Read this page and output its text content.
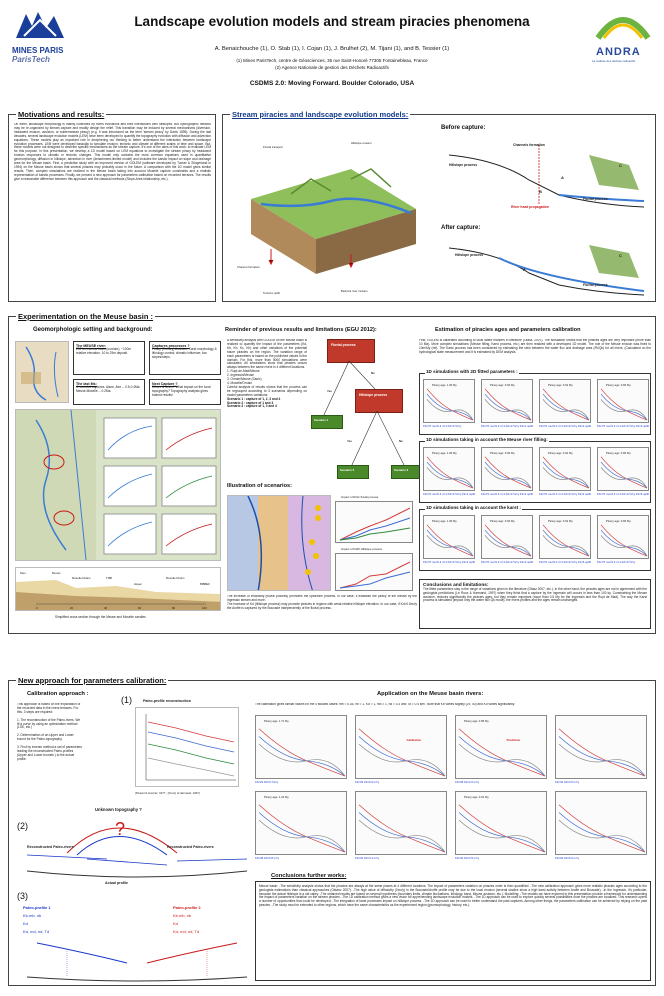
MINES PARIS
ParisTech
Landscape evolution models and stream piracies phenomena
A. Benaichouche (1), O. Stab (1), I. Cojan (1), J. Brulhet (2), M. Tijani (1), and B. Tessier (1)
(1) Mines ParisTech, centre de Géosciences, 35 rue Saint-Honoré 77305 Fontainebleau, France
(2) Agence Nationale de gestion des Déchets Radioactifs
CSDMS 2.0: Moving Forward. Boulder Colorado, USA
ANDRA
La maîtrise des déchets radioactifs
On earth, landscape morphology is mainly controlled by rivers evolutions and their interactions with hillslopes. But hydrographic network may be re-organized by stream capture and readily design the relief. This transition may be induced by several mechanisms (diversion, headward erosion, avulsion, or subterranean piracy) (e.g. It was introduced as the term 'stream piracy' by Davis 1895). During the last decades, several landscape evolution models (LEM) have been developed to quantify the topography evolution with diffusion and advection equations. These models play an important role in deciphering our thinking to better understand the interaction between landscape evolution processes. LEM were developed basically to simulate erosion, tectonic and climate at different scales of time and space. But, these models were not designed to describe specific mechanisms as the stream capture. It's one of the aims of this work: to evaluate LEM for this purpose. In this presentation, we develop a 1D model based on LEM equations to investigate the stream piracy by headward erosion responses to climatic or tectonic changes. This model only contains the most common equations used in quantitative geomorphology, diffusion in hillslope, advection in river (detachment-limited model) and includes the karstic impact on slope and drainage area for the Meuse basin. First, a predictive study with an improved version of GOLEM (software developed by Tucker & Slingerland in 1994) on the Meuse basin shows that several piracies may probably occur in the future. A comparison with the 1D model gives similar results. Then, complex simulations are realized in the Meuse basin taking into account Moselle capture constraints and a realistic representation of karstic processes. Finally, we present a new approach for parameters calibration based on recorded terraces. The results give a reasonable difference between this approach and the classical methods (Slope-Area relationship, etc.).
Motivations and results:
Fluvial transport
Hillslope erosion
Channel formation
Tectonic uplift	Bedrock river incision
Before capture:
Channels formation
Hillslope process
River head propagation
Fluvial process
A
B
C
After capture:
Hillslope process
Fluvial process
A
C
Stream piracies and landscape evolution models:
Geomorphologic setting and background:
The MEUSE river:
290 km narrow basin (corridor). ~100m relative elevation. 10 to 25m deposit.
Captures processes ?
Piracy (Tertiary) Avulsion, Karst morphology & lithology control; climatic influence; low slopes/steps.
The last Ms:
4 recorded captures. Aisne, Aire -- 0.5-0.4Ma. Meuse-Moselle -- 0.2Ma.
Next Capture ?
Where & when? What impact on the local topography? Topography analysis gives trained results!
Dieu	Meuse
Moselle Drains	TMB
Hayen
Moselle Drains
BIBBEF
0	20	40	60	80	100
Simplified cross section through the Meuse and Moselle candles
Reminder of previous results and limitations (EGU 2012):
A sensitivity analysis with GOLEM on the Meuse basin is realized to quantify the impact of the parameters (Kd, Kb, Kh, Kc, Kh) and other variations of the potential future piracies on the region. The variation range of each parameters is based on the published values in the domain. For this, more than 5000 simulations were calculated. All simulations show that piracies occurs always between the same rivers in 4 different locations.
1. Rupt-de-Mad/Meuse
2. Ingressin/Meuse
3. Ornain/Meuse (Saulx)
4. Moselle/Ornain
Careful analysis of results shows that the process can be regrouped according to 3 scenarios depending on model parameters variations:
Scenario 1 : capture of 1, 2, 3 and 4
Scenario 2 : capture of 1 and 4
Scenario 3 : capture of 1, 3 and 4
Fluvial process
Hillslope process
Yes
No
Yes	No
Scenario 1
Scenario 2	Scenario 3
Illustration of scenarios:
Impact of kb/kc fluvial process
Impact of Kd/Kf Hillslope process
The increase of erodibility (fluvial process) promotes the upstream process. In our case, it establish the piracy of the Meuse by the Ingressin stream and more.
The increase of Kd (hillslope process) may promote piracies in regions with weak relative hillslope elevation. In our case, if Kd>0.5m²/y the Aroffe is captured by the Bouvade independently of the fluvial process.
Estimation of piracies ages and parameters calibration
First, GOLEM is calibrated according to local dated markers in literature (Otasz, 2007). The simulation shows that the piracies ages are very important (more than 10 Ma). More complex simulations (Meuse filling, Karst process, etc.) are then realized with a developed 1D model. The role of the Meuse erosion was fixed to 10m/My (ref). The Karst process has been considered by estimating the ratio between the water flux and drainage area (Fk/Qk) for all rivers. (Calculated on the hydrological state measurement and it is estimated by DEM analysis.
1D simulations with 2D fitted parameters :
1D simulations taking in account the Meuse river filling:
1D simulations taking in account the karst :
Piracy age: 1.00 My
Kb=70 mu=0.3 n=1 Kd=17m²/y
Piracy age: 0.94 My
Kb=70 mu=0.3 n=1 Kd=17m²/y Fk=1 uplift
Piracy age: 0.91 My
Kb=70 mu=0.3 n=1 Kd=17m²/y Fk=2 uplift
Piracy age: 0.84 My
Kb=70 mu=0.3 n=1 Kd=17m²/y Fk=3 uplift
Piracy age: 1.00 My
Kb=70 mu=0.3 n=1 Kd=17m²/y Fk=1 uplift
Piracy age: 0.94 My
Kb=70 mu=0.3 n=1 Kd=17m²/y Fk=2 uplift
Piracy age: 0.91 My
Kb=70 mu=0.3 n=1 Kd=17m²/y Fk=3 uplift
Piracy age: 0.84 My
Kb=70 mu=0.3 n=1 Kd=17m²/y Fk=5 uplift
Piracy age: 1.00 My
Kb=70 mu=0.3 n=1 Kd=17m²/y Fk=2 uplift
Piracy age: 0.94 My
Kb=70 mu=0.3 n=1 Kd=17m²/y Fk=3 uplift
Piracy age: 0.91 My
Kb=70 mu=0.3 n=1 Kd=17m²/y Fk=5 uplift
Piracy age: 0.84 My
Kb=70 mu=0.3 n=1 Kd=17m²/y
Conclusions and limitations:
The fitted parameters stay in the range of variations given in the literature (Otasz 2007, etc.). In the other hand, the piracies ages are not in agreement with the geologists predictions (Le Roux & Harmand, 1997) when they think that a capture by the Ingressin will occurs in less than 100 ky. Constraining the Meuse avulsion, reduces significantly the piracies ages, but they remain important (more than 0.5 My for the Ingressin and the Rupt de Mad). The way the Karst process is simulated (impact only the water flux Qk modif), the rivers profiles and the ages remain unchanged.
Experimentation on the Meuse basin :
Calibration approach :
This approach is based on the exploitation of the recorded data in the rivers terraces. For this, 3 steps are required:

1. The reconstruction of the Paleo-rivers. We fit a curve by using an optimization method (LSE, etc.)

2. Determination of an Upper and Lower bound for the Paleo-topography.

3. Find by inverse method a set of parameters leading the reconstructed Paleo-profiles (Upper and Lower bounds ) to the actual profile.
(1)	Paleo-profile reconstruction
(Pissart & Gonzaz, 1977 ; (Krum) & Harmand, 1997)
(2)
Unknown topography ?
?
Reconstructed Paleo-rivers	Reconstructed Paleo-rivers
Actual profile
(3)
Paleo-profile 1
Kb,mb, nb
Kd
Kd, md, nd, Td
Paleo-profile 2
Kb,mb, nb
Kd
Kd, md, nd, Td
Application on the Meuse basin rivers:
The calibration gives similar values for the 4 studied cases: mb = 0.35, nb = 1, Kd = 1, md = 1, nd = 0.3 and Td = 0.4 km². Note that Kb varies slightly (29, 40) and Kd varies significantly.
Piracy age: 1.71 My
Kb=29 Kd=0.7m²/y
Calibration
Kb=29 Kd=0.9 m²/y
Piracy age: 0.95 My
Prediction
Kb=38 Kd=2.0 m²/y	Kb=40 Kd=3.5 m²/y
Piracy age: 1.24 My
Kb=38 Kd=0.8 m²/y	Kb=40 Kd=3.3 m²/y
Piracy age: 0.91 My
Kb=40 Kd=3.5 m²/y	Kb=29 Kd=0.9 m²/y
Conclusions further works:
Meuse basin: -The sensitivity analysis shows that the piracies are always at the same places at 4 different locations. The impact of parameters variation on piracies order is then quantified. -The new calibration approach gives more realistic piracies ages according to the geologists estimations than classical approaches (Ostanz 2007). -The high value of diffusivity (0m²/y) in the Bouvade/Aroffe profile may be due to the local erosion (several studies show a high karst activity between Aroffe and Bouvade). -In the Ingressin, it's particular, because the actual hillslope is a old valley. -The obtained results are based on several hypothesis (boundary limits, climate fluctuations, lithology, karst, Meuse avulsion, etc.). Modelling: -The models we have explored in this presentation provide a framework for understanding the impact of parameters variation on the stream piracies. -The 1D calibration method gives a new vision for apprehending landscape evolution models. -The 1D approach can be used to explore quickly several possibilities once the piracies are localized. This research opens a number of opportunities that could be developed: -The integration of karst processes impact on hillslope process. -The 1D approach can be used to better understand the past captures. Among other things, the parameters calibration can be achieved by relying on the past piracies. -The study must be extended to other regions, which have the same characteristics as the experienced region (geomorphology, history, etc.).
New approach for parameters calibration:
